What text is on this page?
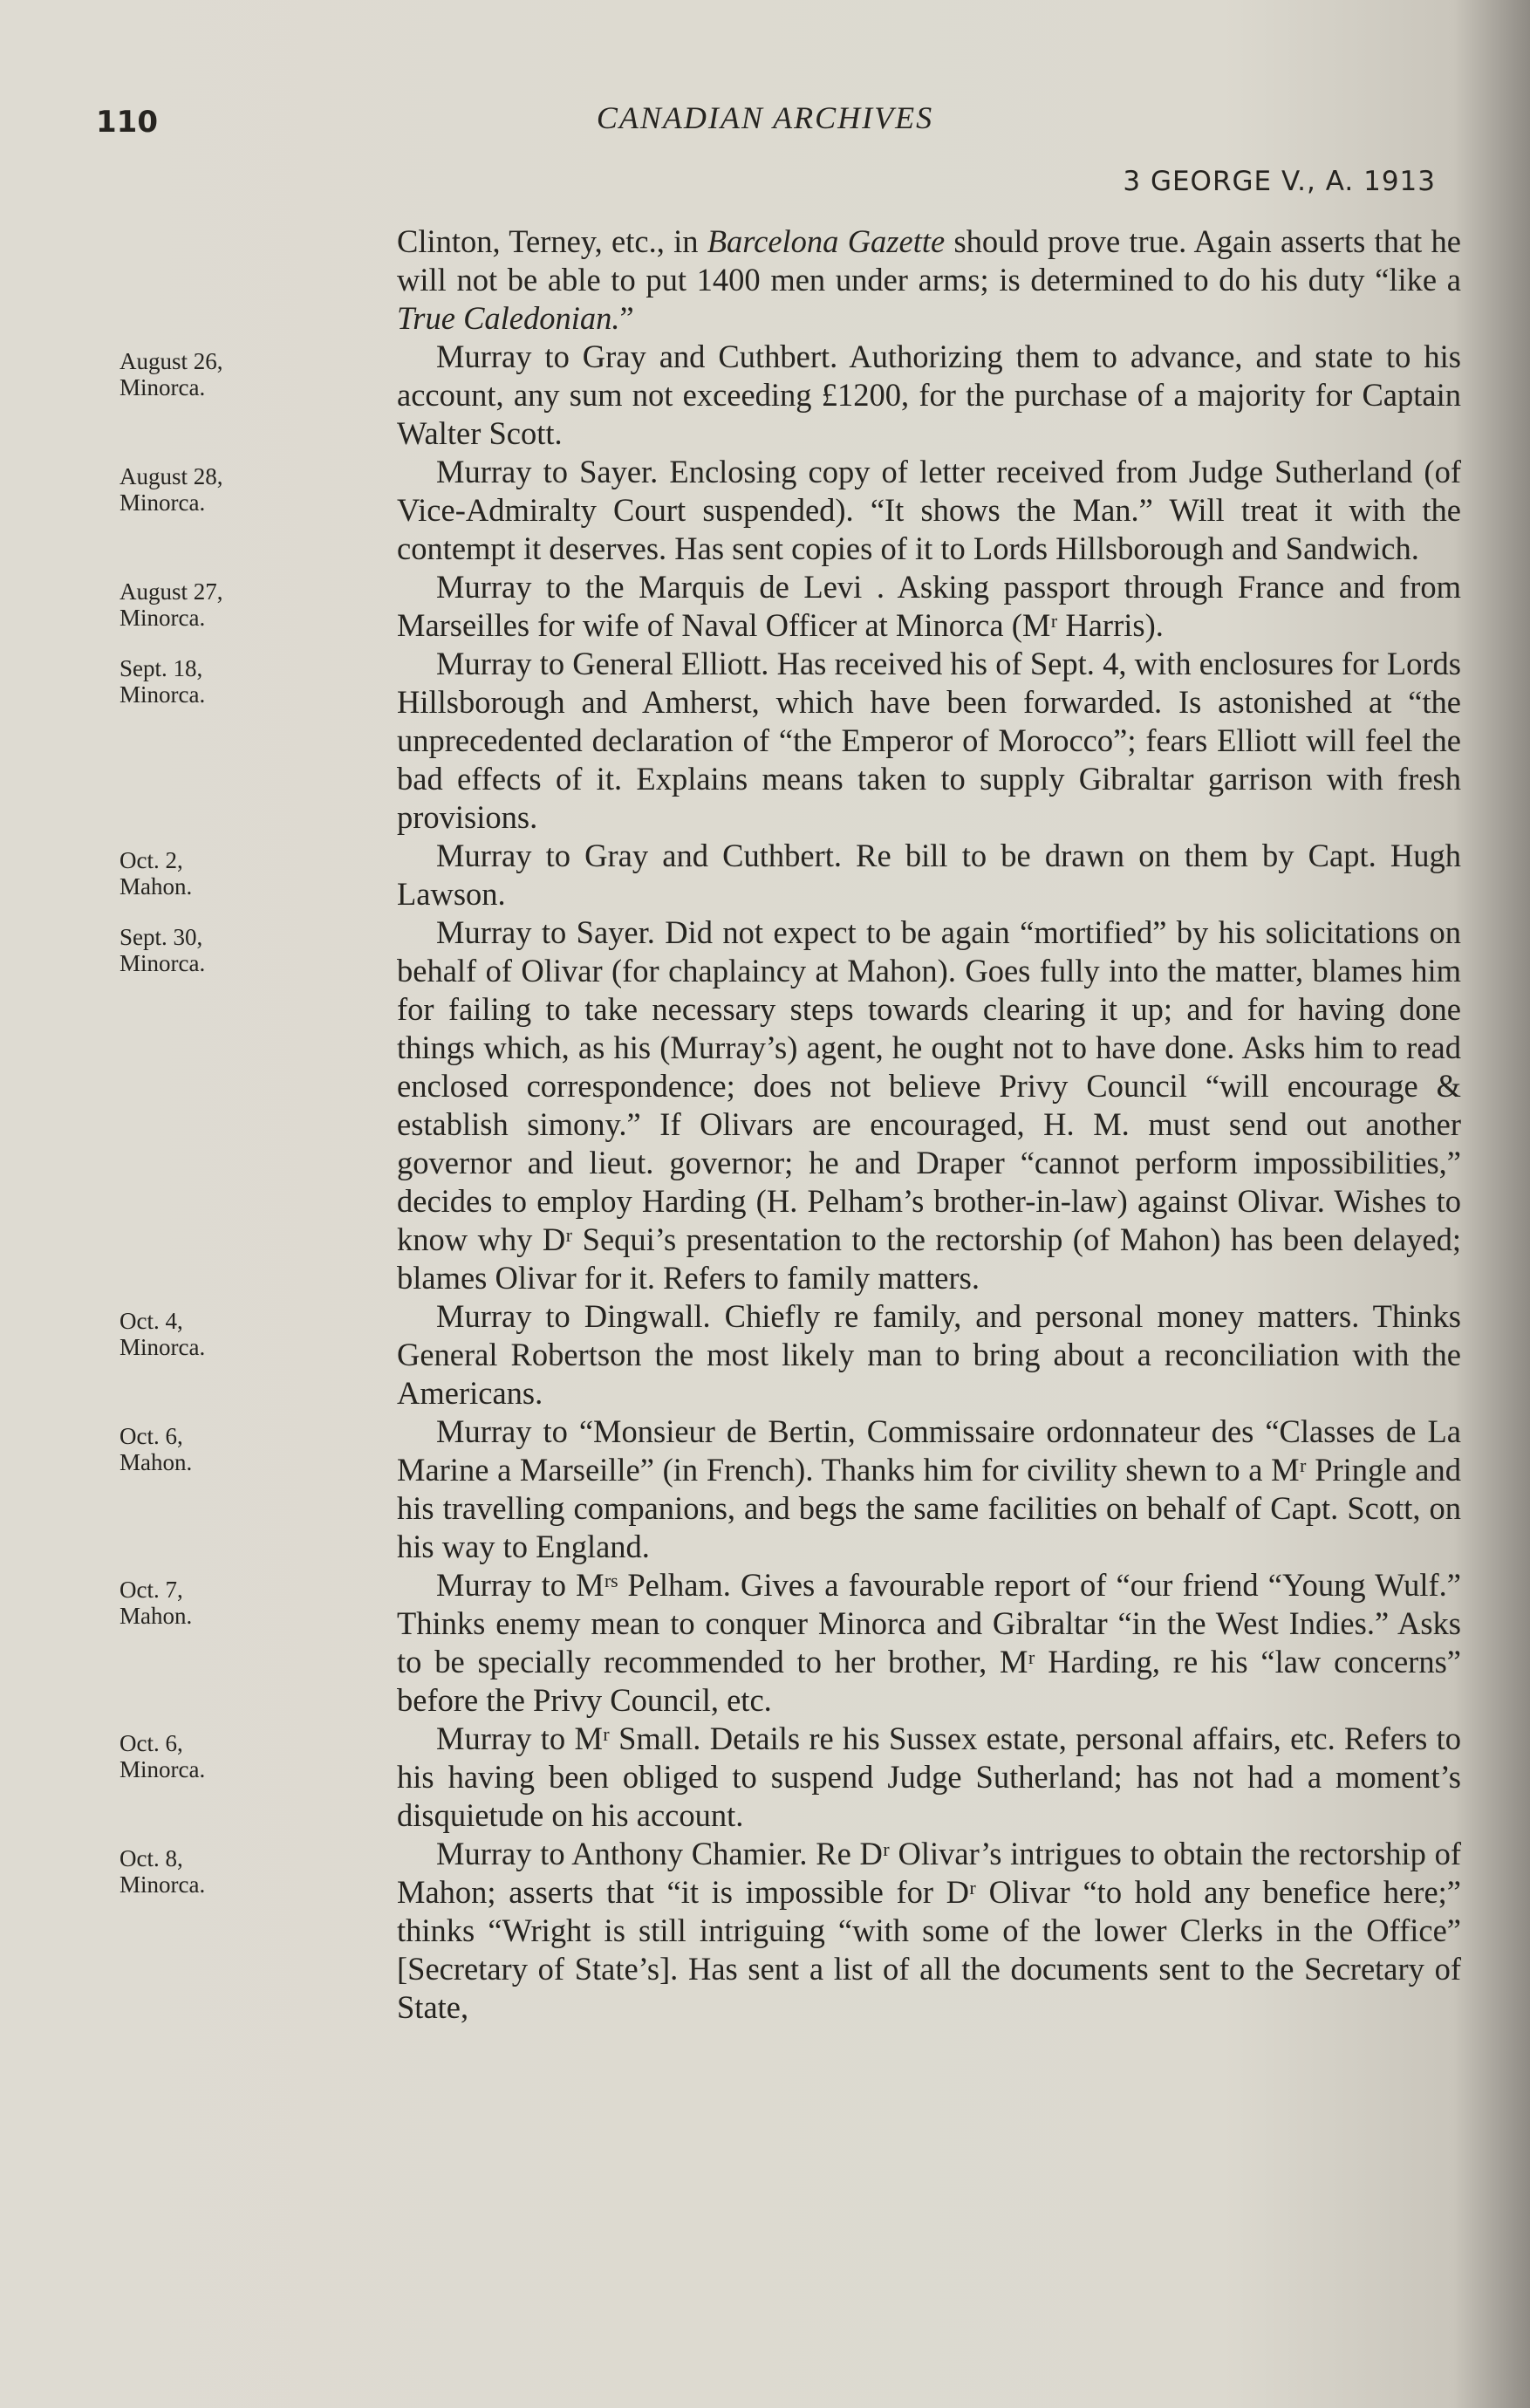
110	CANADIAN ARCHIVES
3 GEORGE V., A. 1913

Clinton, Terney, etc., in Barcelona Gazette should prove true. Again asserts that he will not be able to put 1400 men under arms; is determined to do his duty “like a True Caledonian.”

August 26,
Minorca.

Murray to Gray and Cuthbert. Authorizing them to advance, and state to his account, any sum not exceeding £1200, for the purchase of a majority for Captain Walter Scott.

August 28,
Minorca.

Murray to Sayer. Enclosing copy of letter received from Judge Sutherland (of Vice-Admiralty Court suspended). “It shows the Man.” Will treat it with the contempt it deserves. Has sent copies of it to Lords Hillsborough and Sandwich.

August 27,
Minorca.

Murray to the Marquis de Levi . Asking passport through France and from Marseilles for wife of Naval Officer at Minorca (Mʳ Harris).

Sept. 18,
Minorca.

Murray to General Elliott. Has received his of Sept. 4, with enclosures for Lords Hillsborough and Amherst, which have been forwarded. Is astonished at “the unprecedented declaration of “the Emperor of Morocco”; fears Elliott will feel the bad effects of it. Explains means taken to supply Gibraltar garrison with fresh provisions.

Oct. 2,
Mahon.

Murray to Gray and Cuthbert. Re bill to be drawn on them by Capt. Hugh Lawson.

Sept. 30,
Minorca.

Murray to Sayer. Did not expect to be again “mortified” by his solicitations on behalf of Olivar (for chaplaincy at Mahon). Goes fully into the matter, blames him for failing to take necessary steps towards clearing it up; and for having done things which, as his (Murray’s) agent, he ought not to have done. Asks him to read enclosed correspondence; does not believe Privy Council “will encourage & establish simony.” If Olivars are encouraged, H. M. must send out another governor and lieut. governor; he and Draper “cannot perform impossibilities,” decides to employ Harding (H. Pelham’s brother-in-law) against Olivar. Wishes to know why Dʳ Sequi’s presentation to the rectorship (of Mahon) has been delayed; blames Olivar for it. Refers to family matters.

Oct. 4,
Minorca.

Murray to Dingwall. Chiefly re family, and personal money matters. Thinks General Robertson the most likely man to bring about a reconciliation with the Americans.

Oct. 6,
Mahon.

Murray to “Monsieur de Bertin, Commissaire ordonnateur des “Classes de La Marine a Marseille” (in French). Thanks him for civility shewn to a Mʳ Pringle and his travelling companions, and begs the same facilities on behalf of Capt. Scott, on his way to England.

Oct. 7,
Mahon.

Murray to Mʳˢ Pelham. Gives a favourable report of “our friend “Young Wulf.” Thinks enemy mean to conquer Minorca and Gibraltar “in the West Indies.” Asks to be specially recommended to her brother, Mʳ Harding, re his “law concerns” before the Privy Council, etc.

Oct. 6,
Minorca.

Murray to Mʳ Small. Details re his Sussex estate, personal affairs, etc. Refers to his having been obliged to suspend Judge Sutherland; has not had a moment’s disquietude on his account.

Oct. 8,
Minorca.

Murray to Anthony Chamier. Re Dʳ Olivar’s intrigues to obtain the rectorship of Mahon; asserts that “it is impossible for Dʳ Olivar “to hold any benefice here;” thinks “Wright is still intriguing “with some of the lower Clerks in the Office” [Secretary of State’s]. Has sent a list of all the documents sent to the Secretary of State,
